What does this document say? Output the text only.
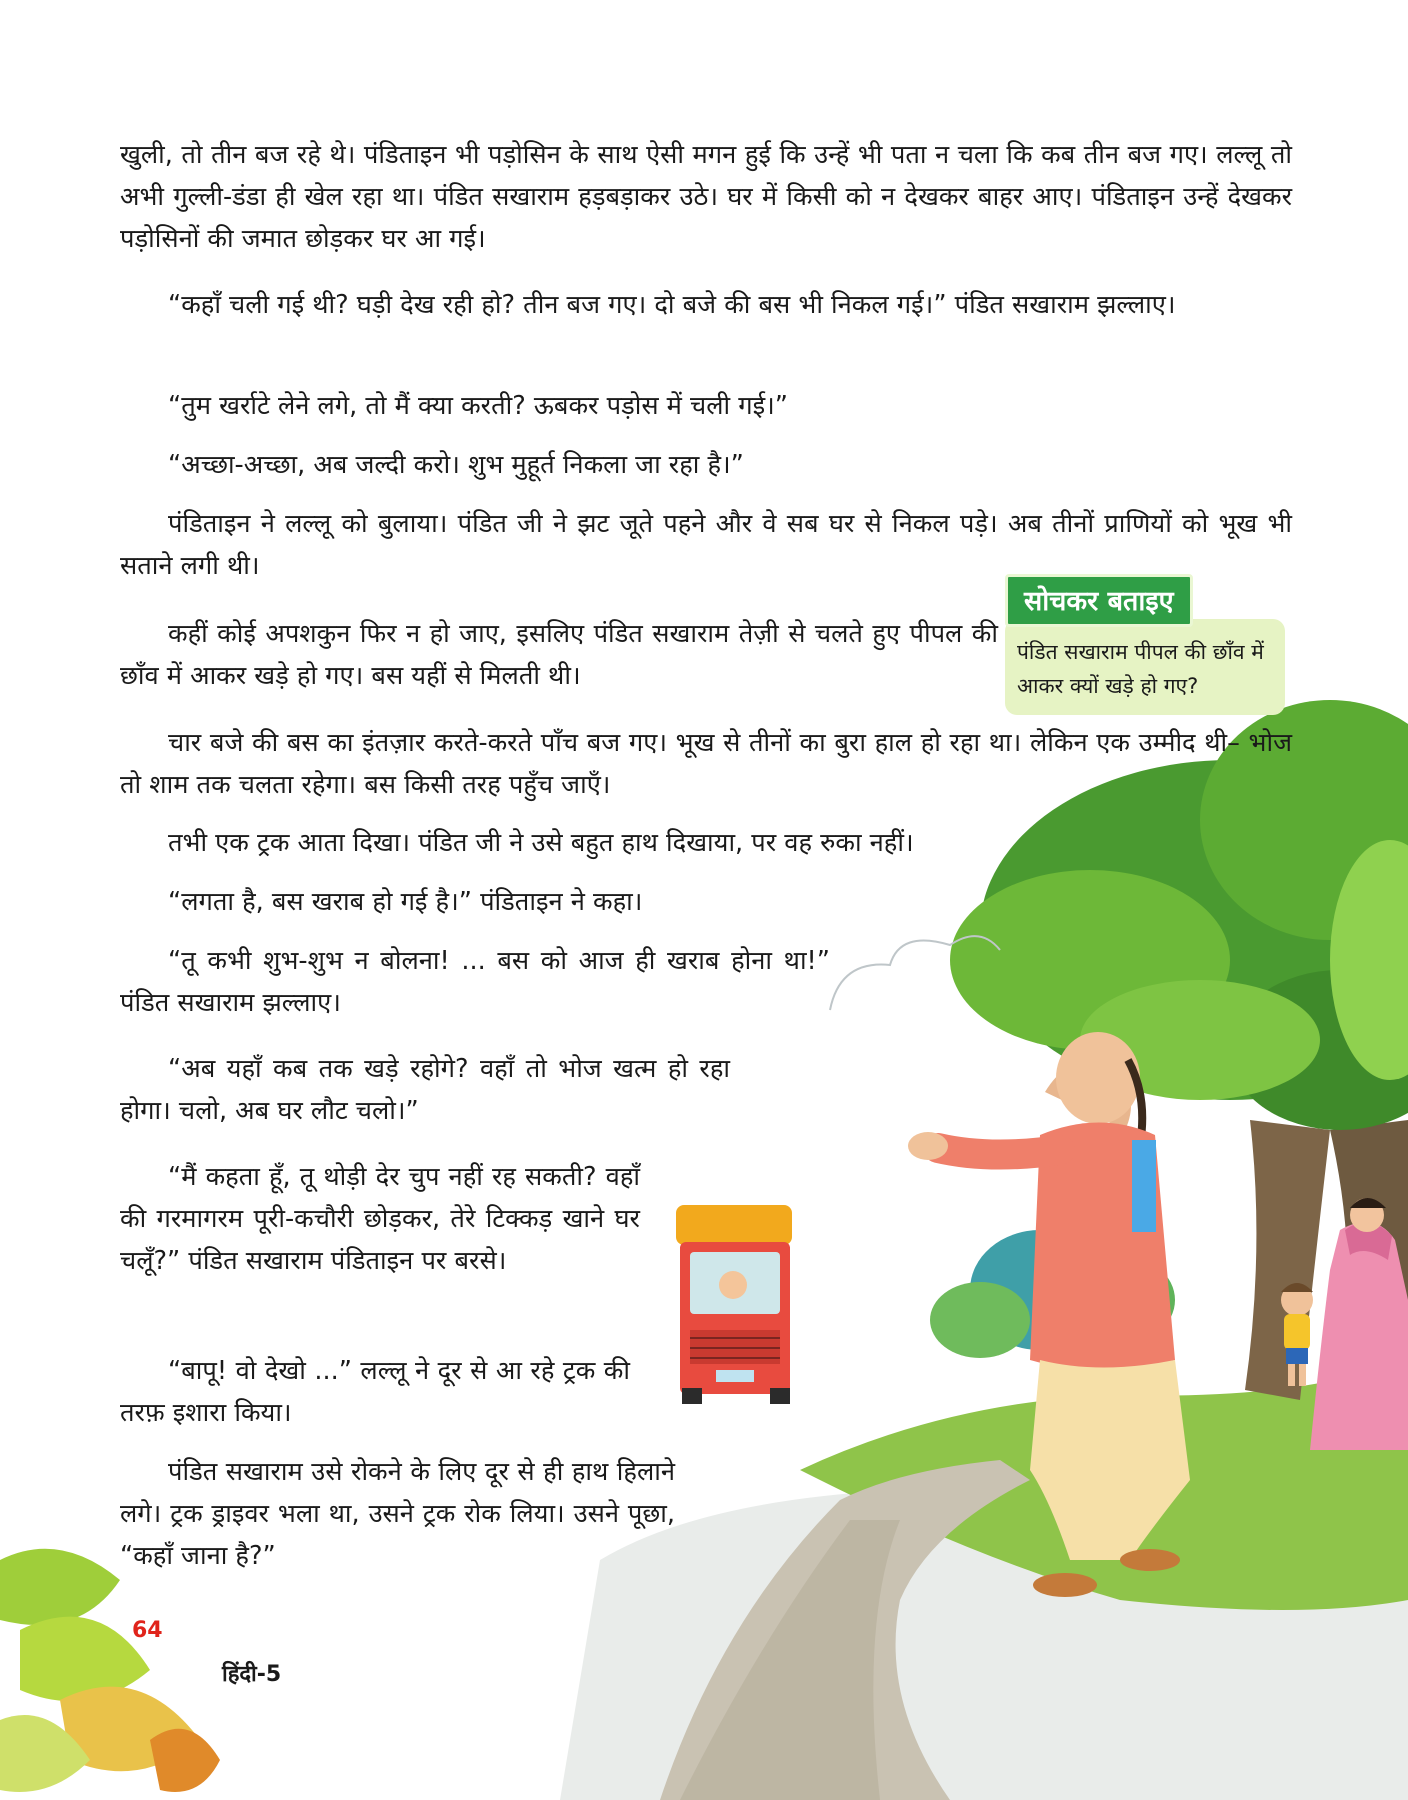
खुली, तो तीन बज रहे थे। पंडिताइन भी पड़ोसिन के साथ ऐसी मगन हुई कि उन्हें भी पता न चला कि कब तीन बज गए। लल्लू तो अभी गुल्ली-डंडा ही खेल रहा था। पंडित सखाराम हड़बड़ाकर उठे। घर में किसी को न देखकर बाहर आए। पंडिताइन उन्हें देखकर पड़ोसिनों की जमात छोड़कर घर आ गई।

“कहाँ चली गई थी? घड़ी देख रही हो? तीन बज गए। दो बजे की बस भी निकल गई।” पंडित सखाराम झल्लाए।

“तुम खर्राटे लेने लगे, तो मैं क्या करती? ऊबकर पड़ोस में चली गई।”

“अच्छा-अच्छा, अब जल्दी करो। शुभ मुहूर्त निकला जा रहा है।”

पंडिताइन ने लल्लू को बुलाया। पंडित जी ने झट जूते पहने और वे सब घर से निकल पड़े। अब तीनों प्राणियों को भूख भी सताने लगी थी।

कहीं कोई अपशकुन फिर न हो जाए, इसलिए पंडित सखाराम तेज़ी से चलते हुए पीपल की छाँव में आकर खड़े हो गए। बस यहीं से मिलती थी।

चार बजे की बस का इंतज़ार करते-करते पाँच बज गए। भूख से तीनों का बुरा हाल हो रहा था। लेकिन एक उम्मीद थी– भोज तो शाम तक चलता रहेगा। बस किसी तरह पहुँच जाएँ।

तभी एक ट्रक आता दिखा। पंडित जी ने उसे बहुत हाथ दिखाया, पर वह रुका नहीं।

“लगता है, बस खराब हो गई है।” पंडिताइन ने कहा।

“तू कभी शुभ-शुभ न बोलना! ... बस को आज ही खराब होना था!” पंडित सखाराम झल्लाए।

“अब यहाँ कब तक खड़े रहोगे? वहाँ तो भोज खत्म हो रहा होगा। चलो, अब घर लौट चलो।”

“मैं कहता हूँ, तू थोड़ी देर चुप नहीं रह सकती? वहाँ की गरमागरम पूरी-कचौरी छोड़कर, तेरे टिक्कड़ खाने घर चलूँ?” पंडित सखाराम पंडिताइन पर बरसे।

“बापू! वो देखो ...” लल्लू ने दूर से आ रहे ट्रक की तरफ़ इशारा किया।

पंडित सखाराम उसे रोकने के लिए दूर से ही हाथ हिलाने लगे। ट्रक ड्राइवर भला था, उसने ट्रक रोक लिया। उसने पूछा, “कहाँ जाना है?”

सोचकर बताइए
पंडित सखाराम पीपल की छाँव में आकर क्यों खड़े हो गए?
64
हिंदी-5
